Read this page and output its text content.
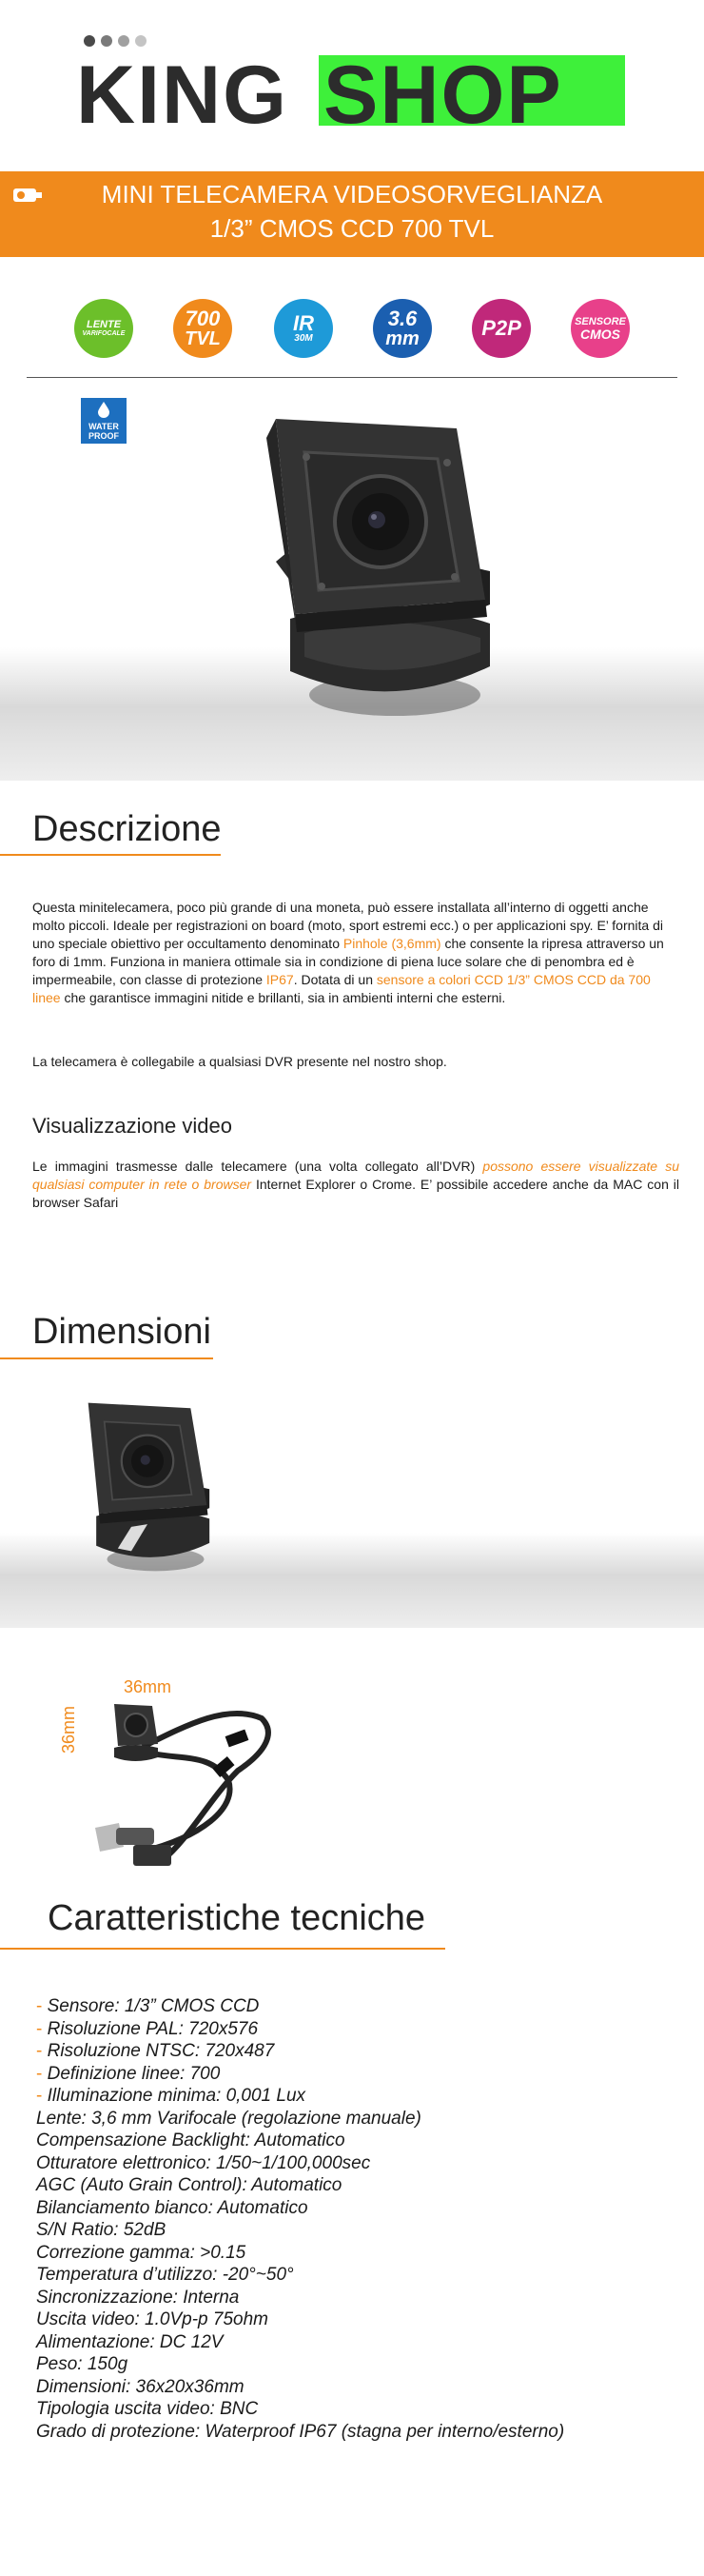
KING SHOP
MINI TELECAMERA VIDEOSORVEGLIANZA
1/3” CMOS CCD 700 TVL
LENTE
VARIFOCALE
700
TVL
IR
30M
3.6
mm	P2P	SENSORE
CMOS
WATER
PROOF
Descrizione
Questa minitelecamera, poco più grande di una moneta, può essere installata all’interno di oggetti anche molto piccoli. Ideale per registrazioni on board (moto, sport estremi ecc.) o per applicazioni spy. E’ fornita di uno speciale obiettivo per occultamento denominato Pinhole (3,6mm) che consente la ripresa attraverso un foro di 1mm. Funziona in maniera ottimale sia in condizione di piena luce solare che di penombra ed è impermeabile, con classe di protezione IP67. Dotata di un sensore a colori CCD 1/3” CMOS CCD da 700 linee che garantisce immagini nitide e brillanti, sia in ambienti interni che esterni.
La telecamera è collegabile a qualsiasi DVR presente nel nostro shop.
Visualizzazione video
Le immagini trasmesse dalle telecamere (una volta collegato all’DVR) possono essere visualizzate su qualsiasi computer in rete o browser Internet Explorer o Crome. E’ possibile accedere anche da MAC con il browser Safari
Dimensioni
36mm
36mm
Caratteristiche tecniche
- Sensore: 1/3” CMOS CCD
- Risoluzione PAL: 720x576
- Risoluzione NTSC: 720x487
- Definizione linee: 700
- Illuminazione minima: 0,001 Lux
Lente: 3,6 mm Varifocale (regolazione manuale)
Compensazione Backlight: Automatico
Otturatore elettronico: 1/50~1/100,000sec
AGC (Auto Grain Control): Automatico
Bilanciamento bianco: Automatico
S/N Ratio: 52dB
Correzione gamma: >0.15
Temperatura d’utilizzo: -20°~50°
Sincronizzazione: Interna
Uscita video: 1.0Vp-p 75ohm
Alimentazione: DC 12V
Peso: 150g
Dimensioni: 36x20x36mm
Tipologia uscita video: BNC
Grado di protezione: Waterproof IP67 (stagna per interno/esterno)
